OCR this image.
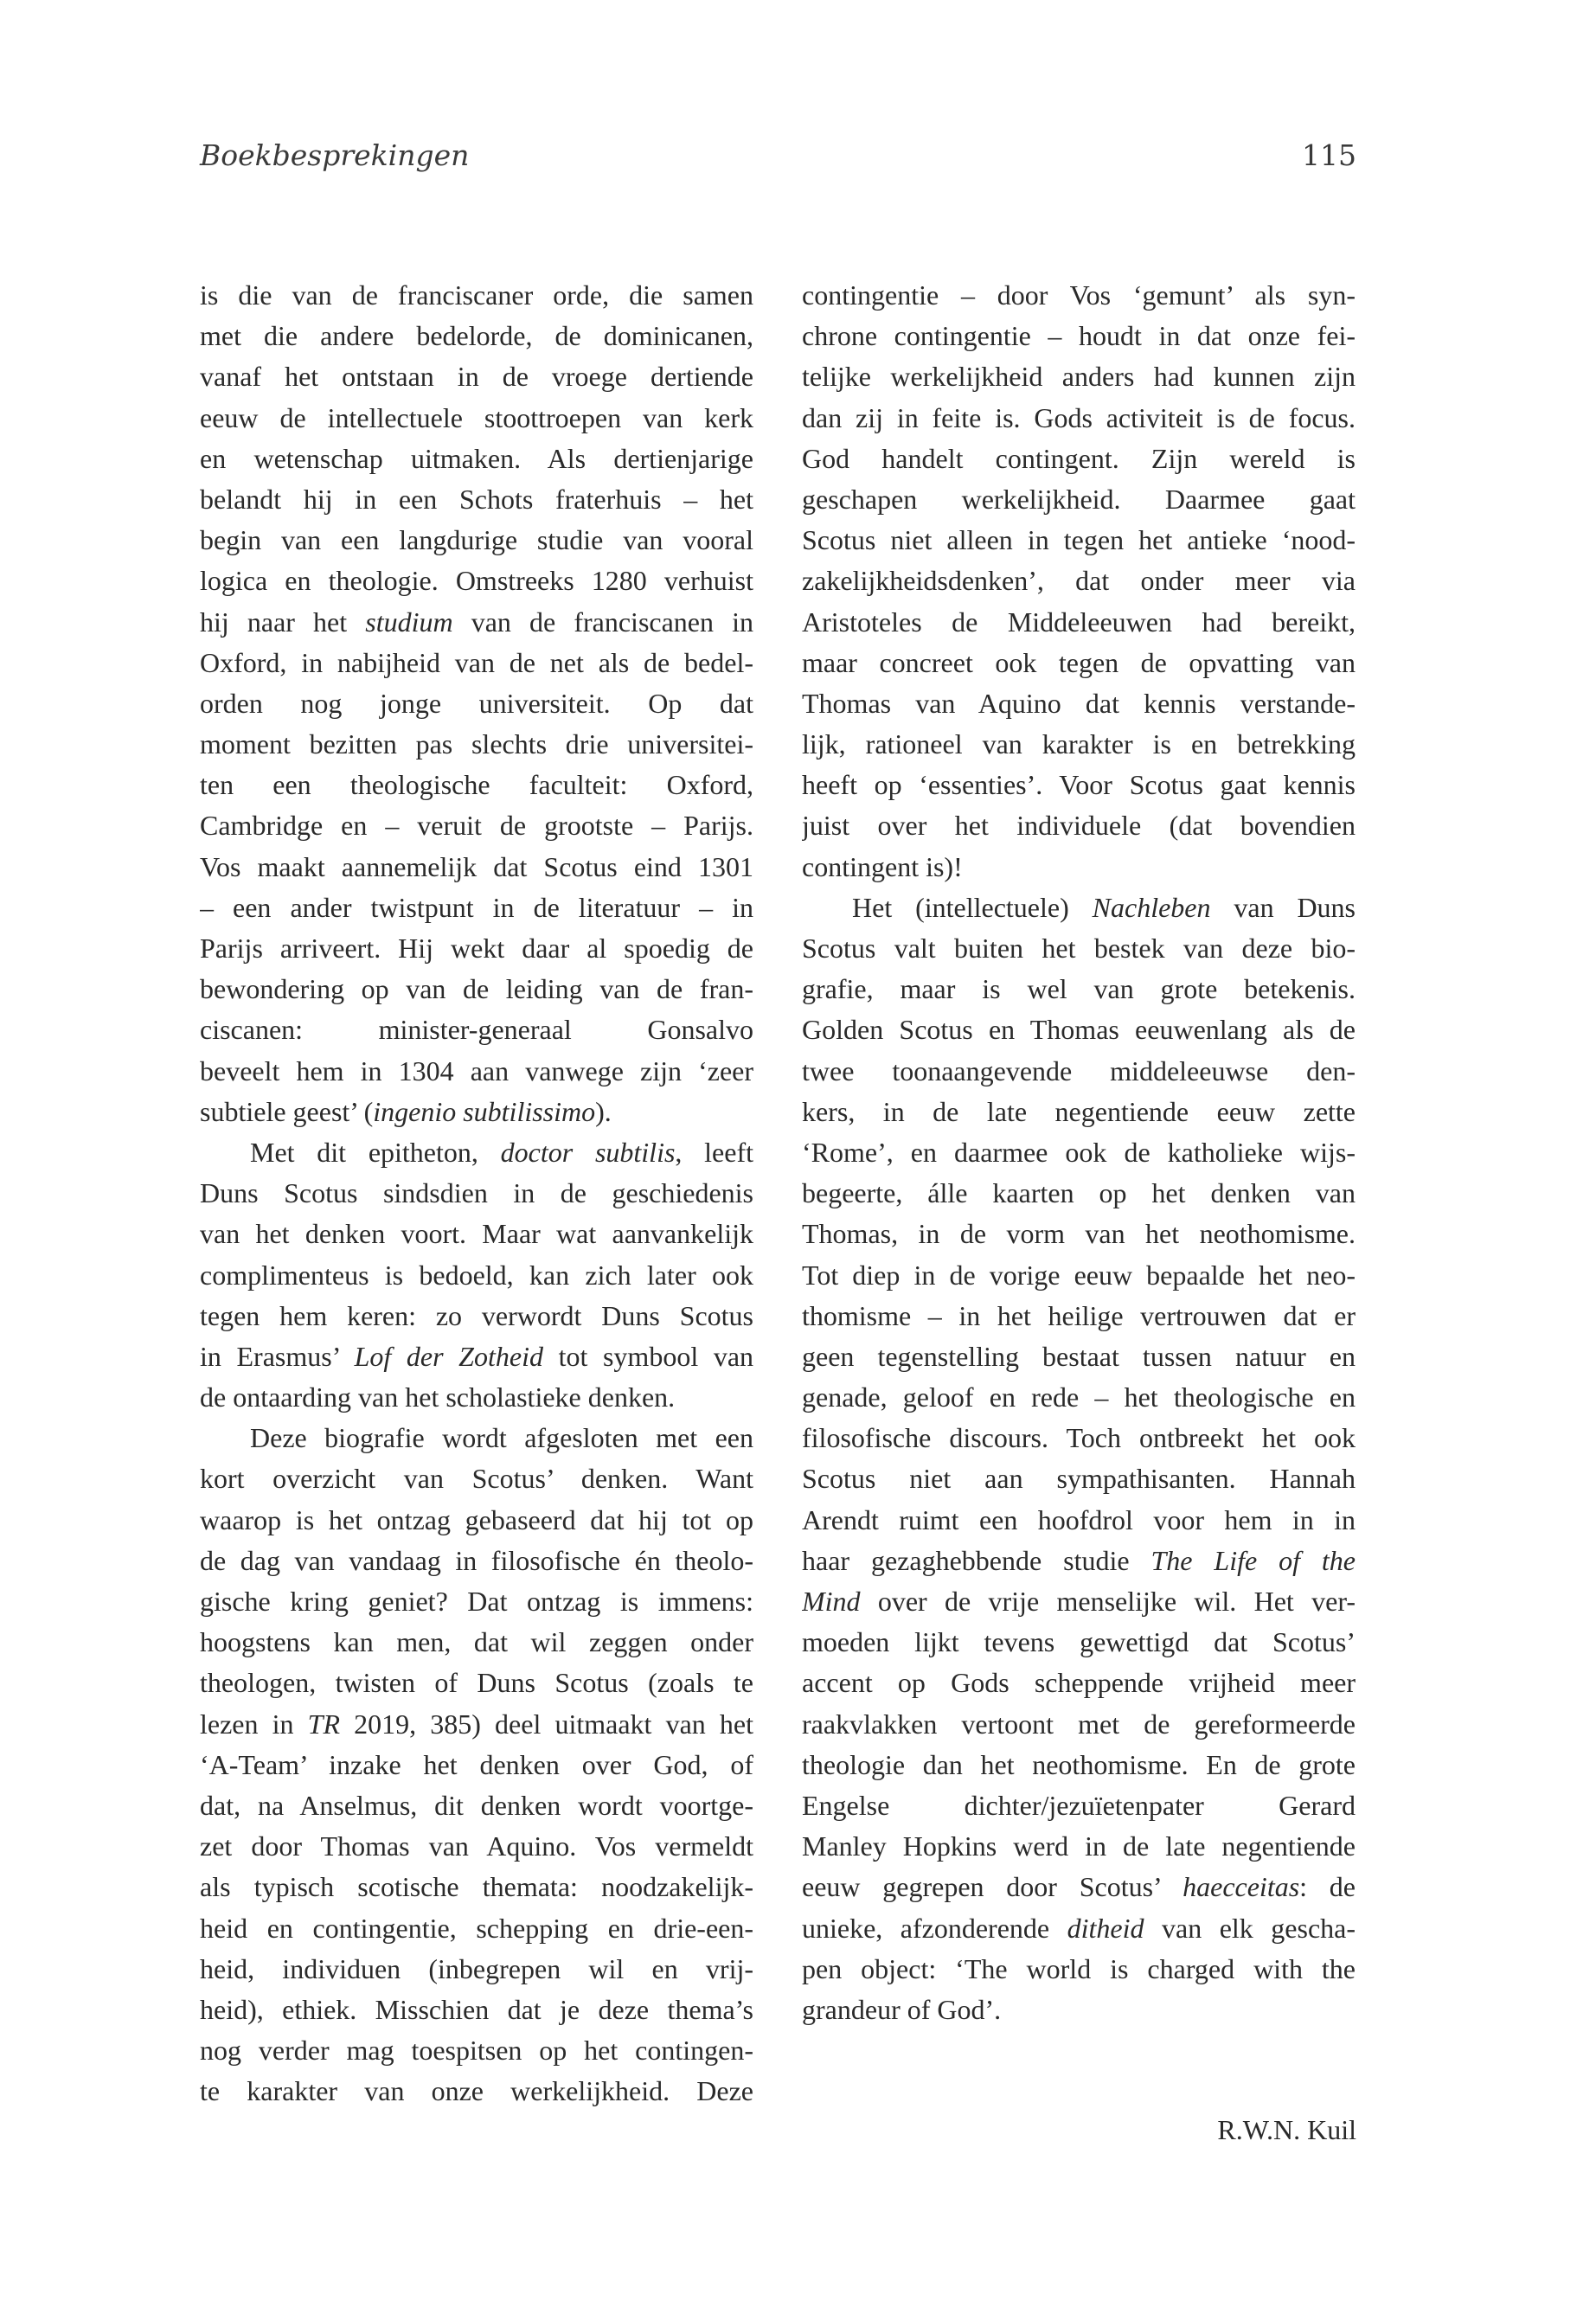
Boekbesprekingen	115
is die van de franciscaner orde, die samen
met die andere bedelorde, de dominicanen,
vanaf het ontstaan in de vroege dertiende
eeuw de intellectuele stoottroepen van kerk
en wetenschap uitmaken. Als dertienjarige
belandt hij in een Schots fraterhuis – het
begin van een langdurige studie van vooral
logica en theologie. Omstreeks 1280 verhuist
hij naar het studium van de franciscanen in
Oxford, in nabijheid van de net als de bedel-
orden nog jonge universiteit. Op dat
moment bezitten pas slechts drie universitei-
ten een theologische faculteit: Oxford,
Cambridge en – veruit de grootste – Parijs.
Vos maakt aannemelijk dat Scotus eind 1301
– een ander twistpunt in de literatuur – in
Parijs arriveert. Hij wekt daar al spoedig de
bewondering op van de leiding van de fran-
ciscanen: minister-generaal Gonsalvo
beveelt hem in 1304 aan vanwege zijn ‘zeer
subtiele geest’ (ingenio subtilissimo).
Met dit epitheton, doctor subtilis, leeft
Duns Scotus sindsdien in de geschiedenis
van het denken voort. Maar wat aanvankelijk
complimenteus is bedoeld, kan zich later ook
tegen hem keren: zo verwordt Duns Scotus
in Erasmus’ Lof der Zotheid tot symbool van
de ontaarding van het scholastieke denken.
Deze biografie wordt afgesloten met een
kort overzicht van Scotus’ denken. Want
waarop is het ontzag gebaseerd dat hij tot op
de dag van vandaag in filosofische én theolo-
gische kring geniet? Dat ontzag is immens:
hoogstens kan men, dat wil zeggen onder
theologen, twisten of Duns Scotus (zoals te
lezen in TR 2019, 385) deel uitmaakt van het
‘A-Team’ inzake het denken over God, of
dat, na Anselmus, dit denken wordt voortge-
zet door Thomas van Aquino. Vos vermeldt
als typisch scotische themata: noodzakelijk-
heid en contingentie, schepping en drie-een-
heid, individuen (inbegrepen wil en vrij-
heid), ethiek. Misschien dat je deze thema’s
nog verder mag toespitsen op het contingen-
te karakter van onze werkelijkheid. Deze
contingentie – door Vos ‘gemunt’ als syn-
chrone contingentie – houdt in dat onze fei-
telijke werkelijkheid anders had kunnen zijn
dan zij in feite is. Gods activiteit is de focus.
God handelt contingent. Zijn wereld is
geschapen werkelijkheid. Daarmee gaat
Scotus niet alleen in tegen het antieke ‘nood-
zakelijkheidsdenken’, dat onder meer via
Aristoteles de Middeleeuwen had bereikt,
maar concreet ook tegen de opvatting van
Thomas van Aquino dat kennis verstande-
lijk, rationeel van karakter is en betrekking
heeft op ‘essenties’. Voor Scotus gaat kennis
juist over het individuele (dat bovendien
contingent is)!
Het (intellectuele) Nachleben van Duns
Scotus valt buiten het bestek van deze bio-
grafie, maar is wel van grote betekenis.
Golden Scotus en Thomas eeuwenlang als de
twee toonaangevende middeleeuwse den-
kers, in de late negentiende eeuw zette
‘Rome’, en daarmee ook de katholieke wijs-
begeerte, álle kaarten op het denken van
Thomas, in de vorm van het neothomisme.
Tot diep in de vorige eeuw bepaalde het neo-
thomisme – in het heilige vertrouwen dat er
geen tegenstelling bestaat tussen natuur en
genade, geloof en rede – het theologische en
filosofische discours. Toch ontbreekt het ook
Scotus niet aan sympathisanten. Hannah
Arendt ruimt een hoofdrol voor hem in in
haar gezaghebbende studie The Life of the
Mind over de vrije menselijke wil. Het ver-
moeden lijkt tevens gewettigd dat Scotus’
accent op Gods scheppende vrijheid meer
raakvlakken vertoont met de gereformeerde
theologie dan het neothomisme. En de grote
Engelse dichter/jezuïetenpater Gerard
Manley Hopkins werd in de late negentiende
eeuw gegrepen door Scotus’ haecceitas: de
unieke, afzonderende ditheid van elk gescha-
pen object: ‘The world is charged with the
grandeur of God’.
R.W.N. Kuil
